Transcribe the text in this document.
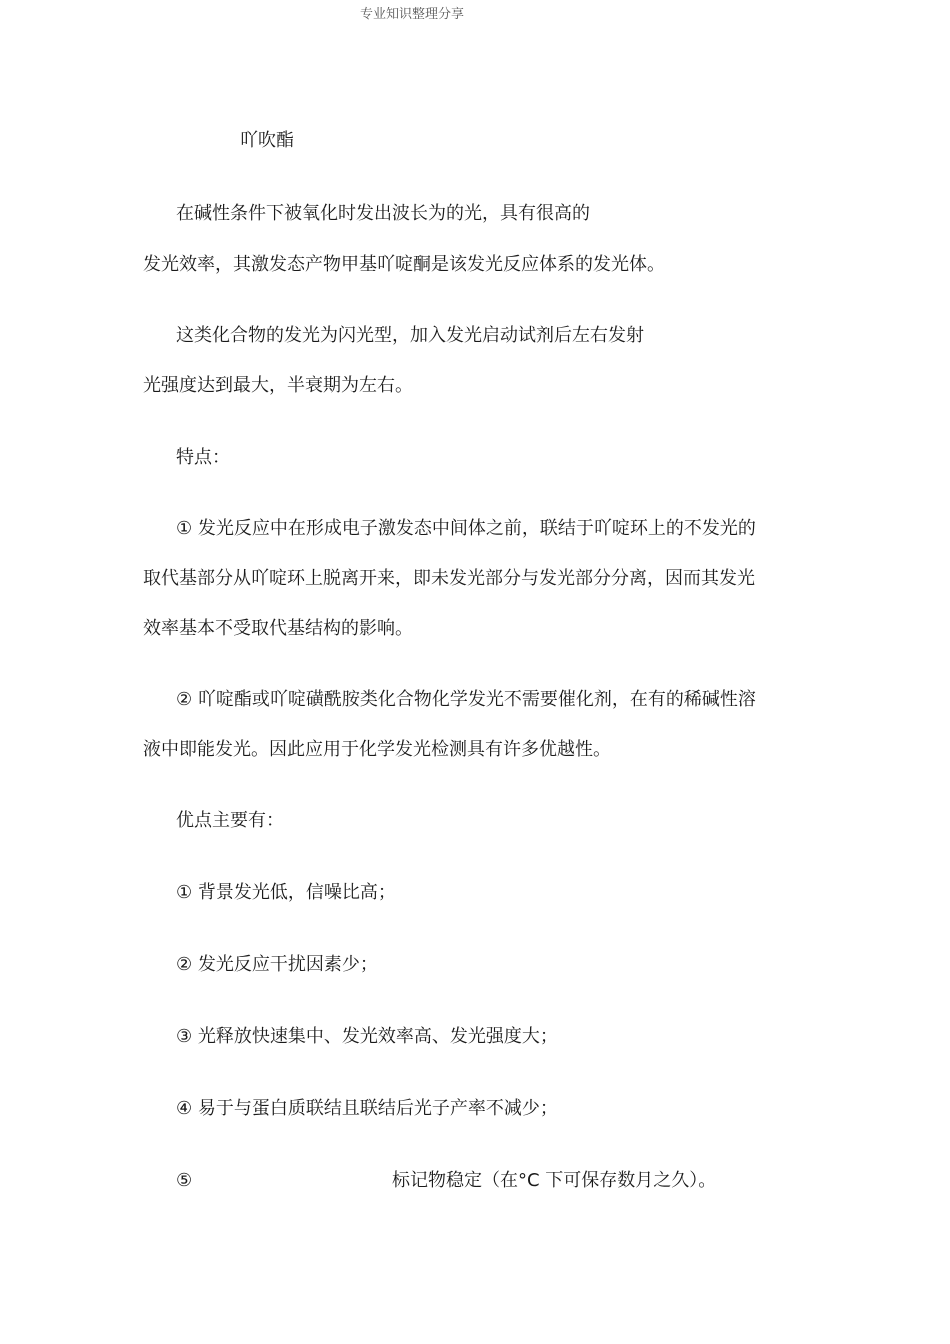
专业知识整理分享
吖吹酯
在碱性条件下被氧化时发出波长为的光，具有很高的
发光效率，其激发态产物甲基吖啶酮是该发光反应体系的发光体。
这类化合物的发光为闪光型，加入发光启动试剂后左右发射
光强度达到最大，半衰期为左右。
特点：
① 发光反应中在形成电子激发态中间体之前，联结于吖啶环上的不发光的
取代基部分从吖啶环上脱离开来，即未发光部分与发光部分分离，因而其发光
效率基本不受取代基结构的影响。
② 吖啶酯或吖啶磺酰胺类化合物化学发光不需要催化剂，在有的稀碱性溶
液中即能发光。因此应用于化学发光检测具有许多优越性。
优点主要有：
① 背景发光低，信噪比高；
② 发光反应干扰因素少；
③ 光释放快速集中、发光效率高、发光强度大；
④ 易于与蛋白质联结且联结后光子产率不减少；
⑤	标记物稳定（在°C 下可保存数月之久）。
